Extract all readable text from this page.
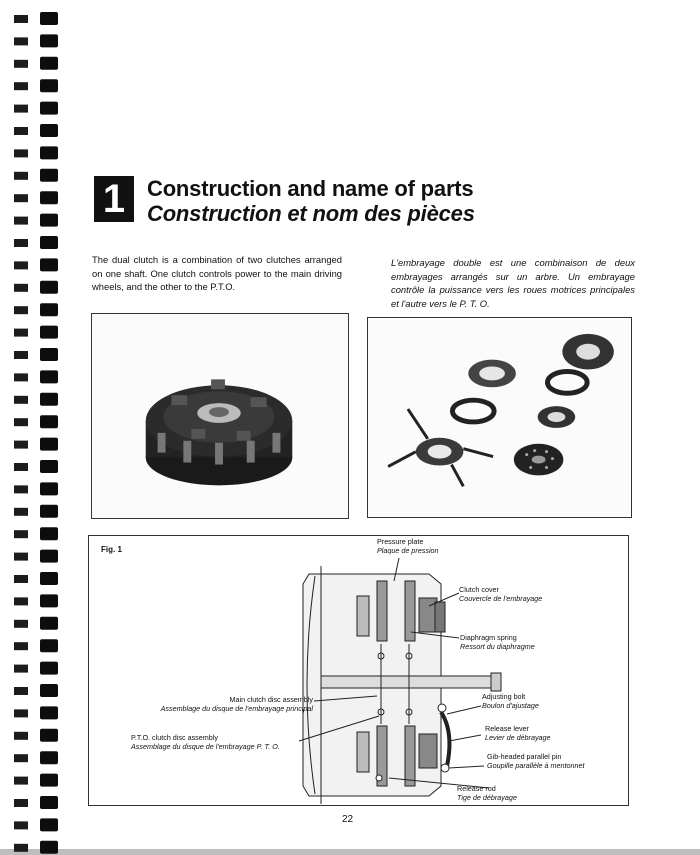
1 Construction and name of parts
Construction et nom des pièces
The dual clutch is a combination of two clutches arranged on one shaft. One clutch controls power to the main driving wheels, and the other to the P.T.O.
L'embrayage double est une combinaison de deux embrayages arrangés sur un arbre. Un embrayage contrôle la puissance vers les roues motrices principales et l'autre vers le P. T. O.
Fig. 1
Pressure plate
Plaque de pression
Clutch cover
Couvercle de l'embrayage
Diaphragm spring
Ressort du diaphragme
Main clutch disc assembly
Assemblage du disque de l'embrayage principal
Adjusting bolt
Boulon d'ajustage
P.T.O. clutch disc assembly
Assemblage du disque de l'embrayage P. T. O.
Release lever
Levier de débrayage
Gib-headed parallel pin
Goupille parallèle à mentonnet
Release rod
Tige de débrayage
22
